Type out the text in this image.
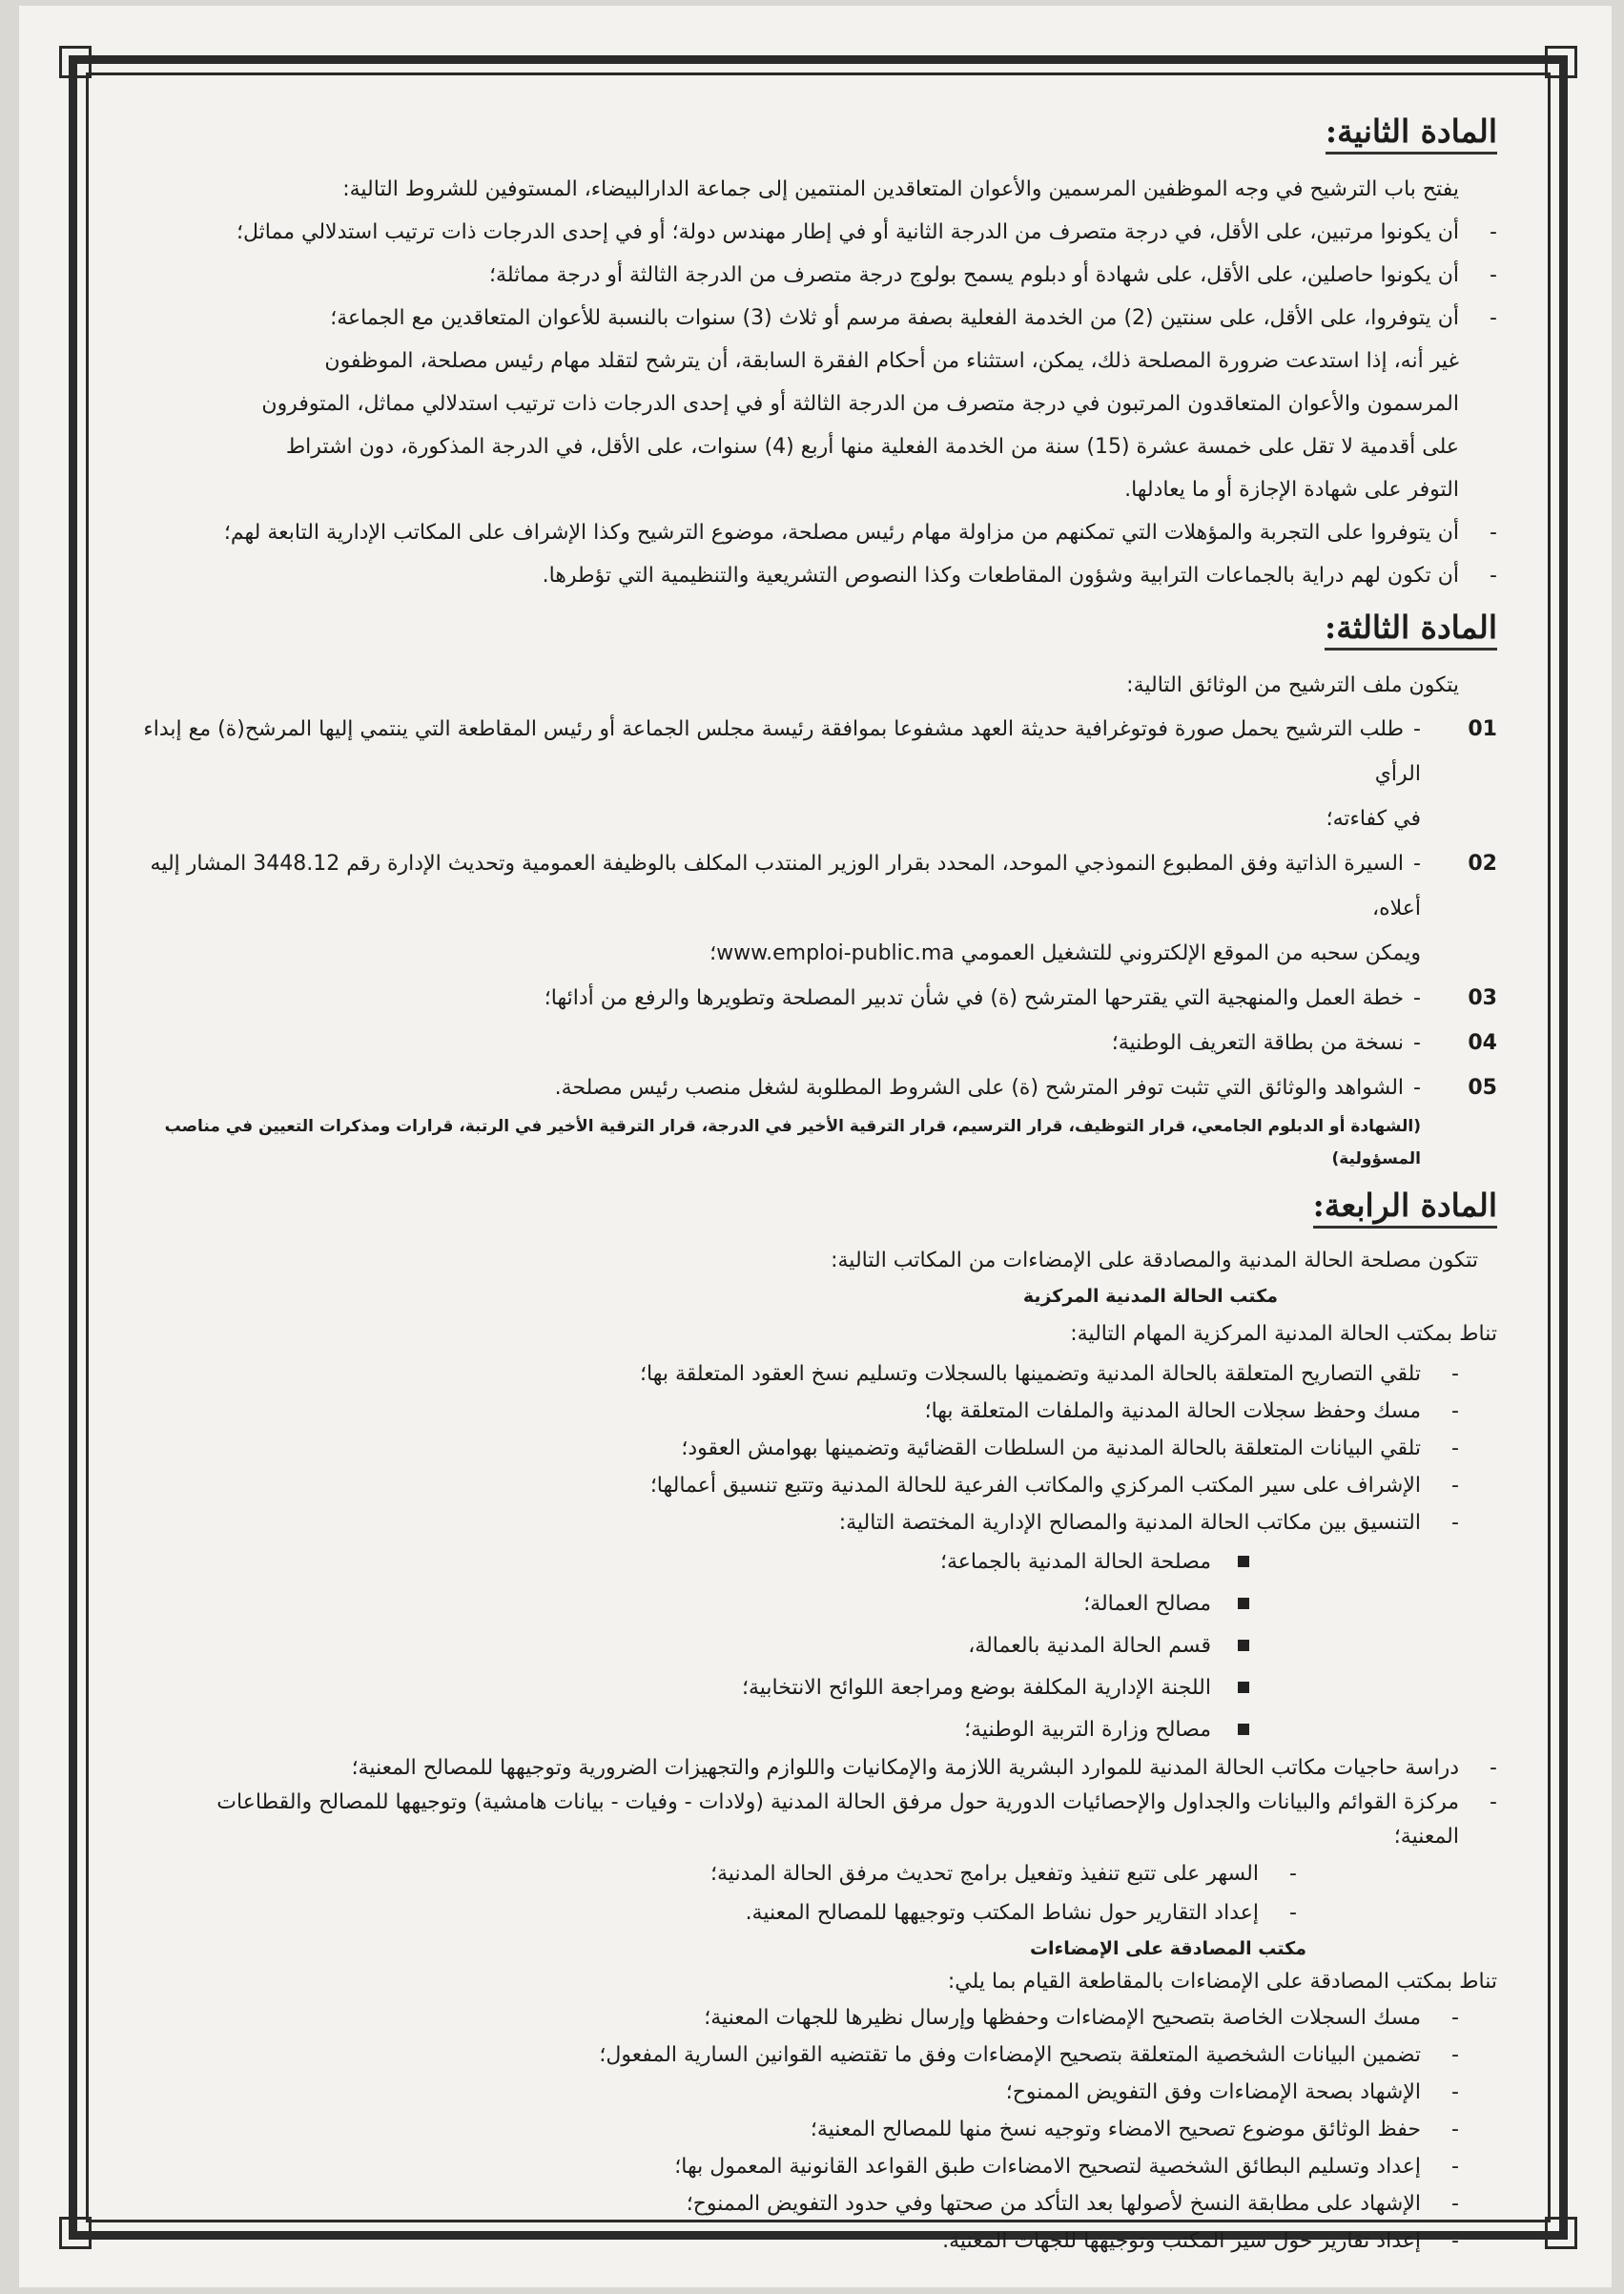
المادة الثانية:

يفتح باب الترشيح في وجه الموظفين المرسمين والأعوان المتعاقدين المنتمين إلى جماعة الدارالبيضاء، المستوفين للشروط التالية:

-
أن يكونوا مرتبين، على الأقل، في درجة متصرف من الدرجة الثانية أو في إطار مهندس دولة؛ أو في إحدى الدرجات ذات ترتيب استدلالي مماثل؛

-
أن يكونوا حاصلين، على الأقل، على شهادة أو دبلوم يسمح بولوج درجة متصرف من الدرجة الثالثة أو درجة مماثلة؛

-
أن يتوفروا، على الأقل، على سنتين (2) من الخدمة الفعلية بصفة مرسم أو ثلاث (3) سنوات بالنسبة للأعوان المتعاقدين مع الجماعة؛

غير أنه، إذا استدعت ضرورة المصلحة ذلك، يمكن، استثناء من أحكام الفقرة السابقة، أن يترشح لتقلد مهام رئيس مصلحة، الموظفون

المرسمون والأعوان المتعاقدون المرتبون في درجة متصرف من الدرجة الثالثة أو في إحدى الدرجات ذات ترتيب استدلالي مماثل، المتوفرون

على أقدمية لا تقل على خمسة عشرة (15) سنة من الخدمة الفعلية منها أربع (4) سنوات، على الأقل، في الدرجة المذكورة، دون اشتراط

التوفر على شهادة الإجازة أو ما يعادلها.

-
أن يتوفروا على التجربة والمؤهلات التي تمكنهم من مزاولة مهام رئيس مصلحة، موضوع الترشيح وكذا الإشراف على المكاتب الإدارية التابعة لهم؛

-
أن تكون لهم دراية بالجماعات الترابية وشؤون المقاطعات وكذا النصوص التشريعية والتنظيمية التي تؤطرها.

المادة الثالثة:

يتكون ملف الترشيح من الوثائق التالية:

01
-طلب الترشيح يحمل صورة فوتوغرافية حديثة العهد مشفوعا بموافقة رئيسة مجلس الجماعة أو رئيس المقاطعة التي ينتمي إليها المرشح(ة) مع إبداء الرأي
في كفاءته؛

02
-السيرة الذاتية وفق المطبوع النموذجي الموحد، المحدد بقرار الوزير المنتدب المكلف بالوظيفة العمومية وتحديث الإدارة رقم 3448.12 المشار إليه أعلاه،
ويمكن سحبه من الموقع الإلكتروني للتشغيل العمومي www.emploi-public.ma؛

03
-خطة العمل والمنهجية التي يقترحها المترشح (ة) في شأن تدبير المصلحة وتطويرها والرفع من أدائها؛

04
-نسخة من بطاقة التعريف الوطنية؛

05
-الشواهد والوثائق التي تثبت توفر المترشح (ة) على الشروط المطلوبة لشغل منصب رئيس مصلحة.

(الشهادة أو الدبلوم الجامعي، قرار التوظيف، قرار الترسيم، قرار الترقية الأخير في الدرجة، قرار الترقية الأخير في الرتبة، قرارات ومذكرات التعيين في مناصب المسؤولية)

المادة الرابعة:

تتكون مصلحة الحالة المدنية والمصادقة على الإمضاءات من المكاتب التالية:

مكتب الحالة المدنية المركزية

تناط بمكتب الحالة المدنية المركزية المهام التالية:

-
تلقي التصاريح المتعلقة بالحالة المدنية وتضمينها بالسجلات وتسليم نسخ العقود المتعلقة بها؛

-
مسك وحفظ سجلات الحالة المدنية والملفات المتعلقة بها؛

-
تلقي البيانات المتعلقة بالحالة المدنية من السلطات القضائية وتضمينها بهوامش العقود؛

-
الإشراف على سير المكتب المركزي والمكاتب الفرعية للحالة المدنية وتتبع تنسيق أعمالها؛

-
التنسيق بين مكاتب الحالة المدنية والمصالح الإدارية المختصة التالية:

مصلحة الحالة المدنية بالجماعة؛

مصالح العمالة؛

قسم الحالة المدنية بالعمالة،

اللجنة الإدارية المكلفة بوضع ومراجعة اللوائح الانتخابية؛

مصالح وزارة التربية الوطنية؛

-
دراسة حاجيات مكاتب الحالة المدنية للموارد البشرية اللازمة والإمكانيات واللوازم والتجهيزات الضرورية وتوجيهها للمصالح المعنية؛

-
مركزة القوائم والبيانات والجداول والإحصائيات الدورية حول مرفق الحالة المدنية (ولادات - وفيات - بيانات هامشية) وتوجيهها للمصالح والقطاعات

المعنية؛

-
السهر على تتبع تنفيذ وتفعيل برامج تحديث مرفق الحالة المدنية؛

-
إعداد التقارير حول نشاط المكتب وتوجيهها للمصالح المعنية.

مكتب المصادقة على الإمضاءات

تناط بمكتب المصادقة على الإمضاءات بالمقاطعة القيام بما يلي:

-
مسك السجلات الخاصة بتصحيح الإمضاءات وحفظها وإرسال نظيرها للجهات المعنية؛

-
تضمين البيانات الشخصية المتعلقة بتصحيح الإمضاءات وفق ما تقتضيه القوانين السارية المفعول؛

-
الإشهاد بصحة الإمضاءات وفق التفويض الممنوح؛

-
حفظ الوثائق موضوع تصحيح الامضاء وتوجيه نسخ منها للمصالح المعنية؛

-
إعداد وتسليم البطائق الشخصية لتصحيح الامضاءات طبق القواعد القانونية المعمول بها؛

-
الإشهاد على مطابقة النسخ لأصولها بعد التأكد من صحتها وفي حدود التفويض الممنوح؛

-
إعداد تقارير حول سير المكتب وتوجيهها للجهات المعنية.
